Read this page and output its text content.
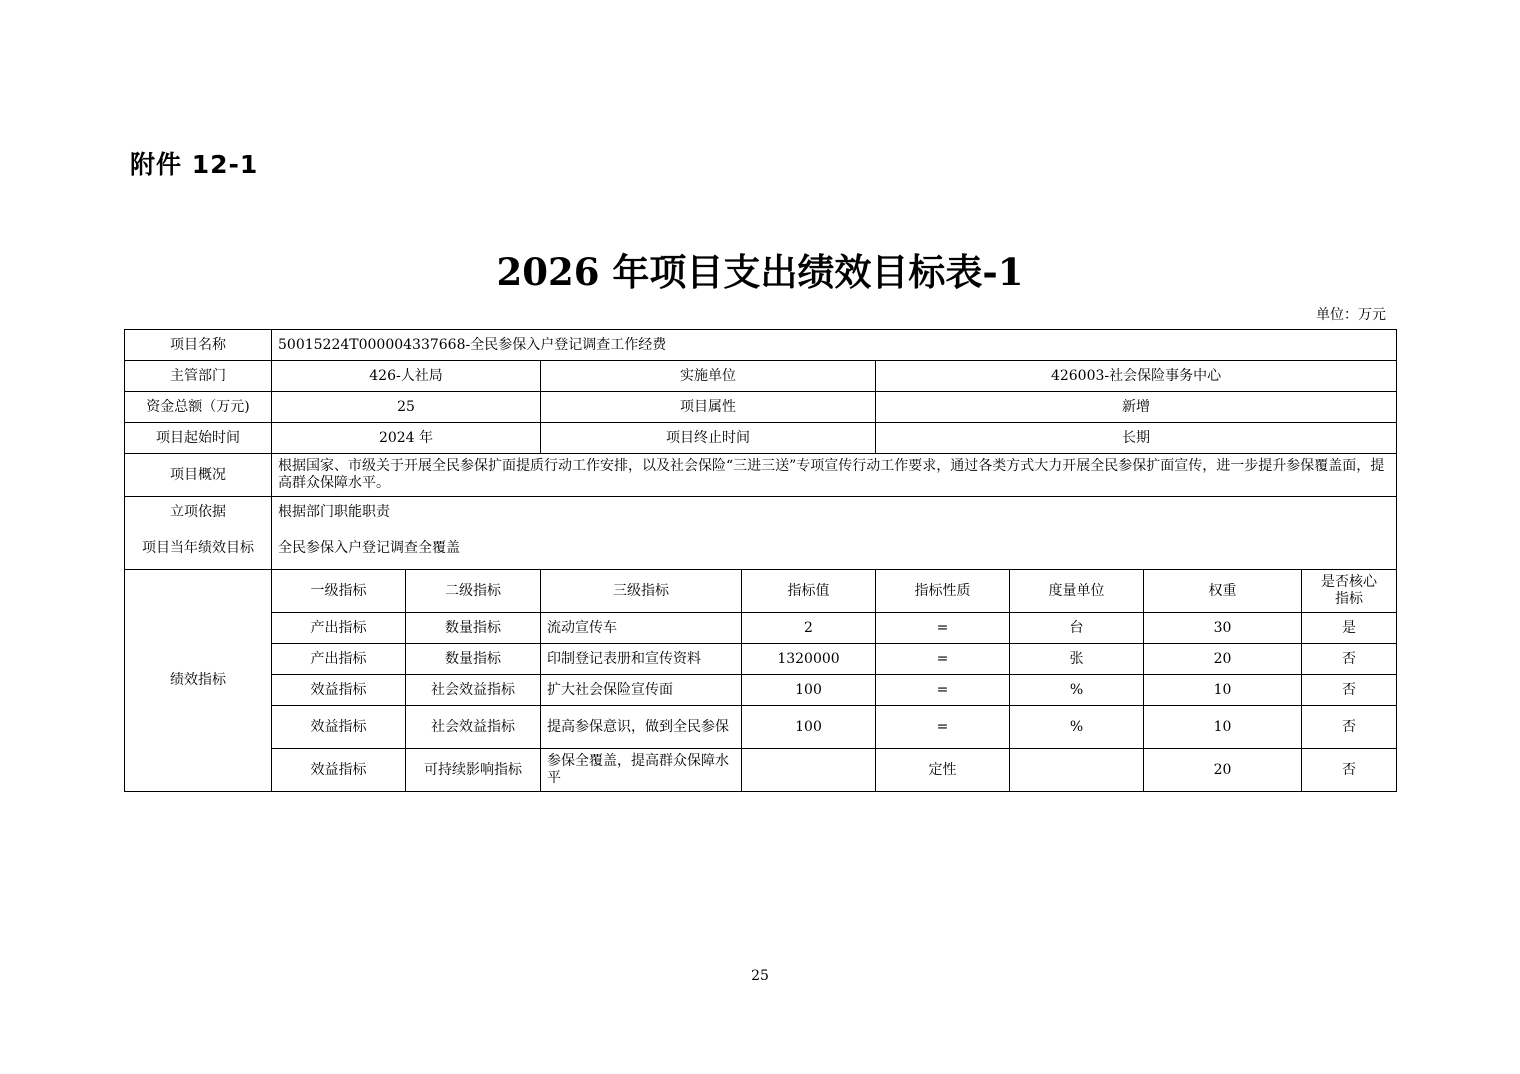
附件 12-1
2026 年项目支出绩效目标表-1
单位：万元
项目名称	50015224T000004337668-全民参保入户登记调查工作经费							
主管部门	426-人社局		实施单位		426003-社会保险事务中心			
资金总额（万元)	25		项目属性		新增			
项目起始时间	2024 年		项目终止时间		长期			
项目概况	根据国家、市级关于开展全民参保扩面提质行动工作安排，以及社会保险“三进三送”专项宣传行动工作要求，通过各类方式大力开展全民参保扩面宣传，进一步提升参保覆盖面，提高群众保障水平。							
立项依据	根据部门职能职责							
项目当年绩效目标	全民参保入户登记调查全覆盖							
绩效指标	一级指标	二级指标	三级指标	指标值	指标性质	度量单位	权重	是否核心指标
	产出指标	数量指标	流动宣传车	2	=	台	30	是
	产出指标	数量指标	印制登记表册和宣传资料	1320000	=	张	20	否
	效益指标	社会效益指标	扩大社会保险宣传面	100	=	%	10	否
	效益指标	社会效益指标	提高参保意识，做到全民参保	100	=	%	10	否
	效益指标	可持续影响指标	参保全覆盖，提高群众保障水平		定性		20	否
25
